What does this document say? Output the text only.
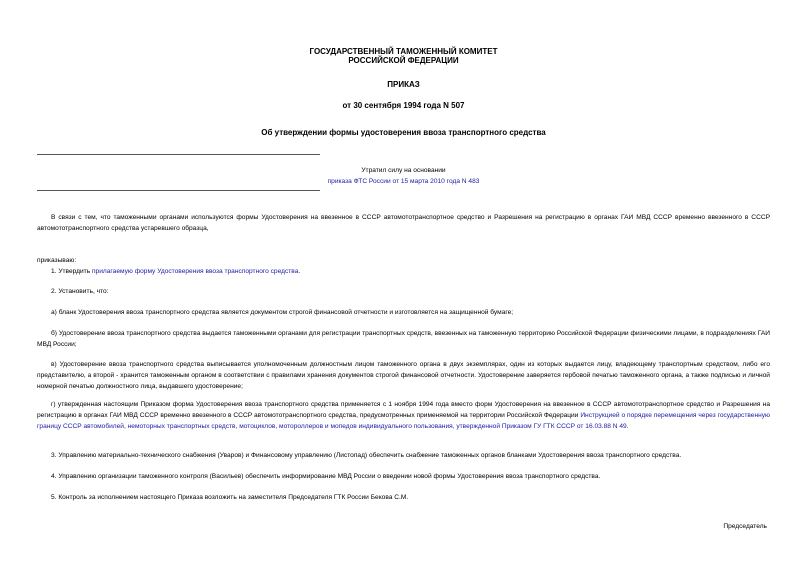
ГОСУДАРСТВЕННЫЙ ТАМОЖЕННЫЙ КОМИТЕТ
РОССИЙСКОЙ ФЕДЕРАЦИИ
ПРИКАЗ
от 30 сентября 1994 года N 507
Об утверждении формы удостоверения ввоза транспортного средства
Утратил силу на основании
приказа ФТС России от 15 марта 2010 года N 483
В связи с тем, что таможенными органами используются формы Удостоверения на ввезенное в СССР автомототранспортное средство и Разрешения на регистрацию в органах ГАИ МВД СССР временно ввезенного в СССР автомототранспортного средства устаревшего образца,
приказываю:
1. Утвердить прилагаемую форму Удостоверения ввоза транспортного средства.
2. Установить, что:
а) бланк Удостоверения ввоза транспортного средства является документом строгой финансовой отчетности и изготовляется на защищенной бумаге;
б) Удостоверение ввоза транспортного средства выдается таможенными органами для регистрации транспортных средств, ввезенных на таможенную территорию Российской Федерации физическими лицами, в подразделениях ГАИ МВД России;
в) Удостоверение ввоза транспортного средства выписывается уполномоченным должностным лицом таможенного органа в двух экземплярах, один из которых выдается лицу, владеющему транспортным средством, либо его представителю, а второй - хранится таможенным органом в соответствии с правилами хранения документов строгой финансовой отчетности. Удостоверение заверяется гербовой печатью таможенного органа, а также подписью и личной номерной печатью должностного лица, выдавшего удостоверение;
г) утвержденная настоящим Приказом форма Удостоверения ввоза транспортного средства применяется с 1 ноября 1994 года вместо форм Удостоверения на ввезенное в СССР автомототранспортное средство и Разрешения на регистрацию в органах ГАИ МВД СССР временно ввезенного в СССР автомототранспортного средства, предусмотренных применяемой на территории Российской Федерации Инструкцией о порядке перемещения через государственную границу СССР автомобилей, немоторных транспортных средств, мотоциклов, мотороллеров и мопедов индивидуального пользования, утвержденной Приказом ГУ ГТК СССР от 16.03.88 N 49.
3. Управлению материально-технического снабжения (Уваров) и Финансовому управлению (Листопад) обеспечить снабжение таможенных органов бланками Удостоверения ввоза транспортного средства.
4. Управлению организации таможенного контроля (Васильев) обеспечить информирование МВД России о введении новой формы Удостоверения ввоза транспортного средства.
5. Контроль за исполнением настоящего Приказа возложить на заместителя Председателя ГТК России Бекова С.М.
Председатель
